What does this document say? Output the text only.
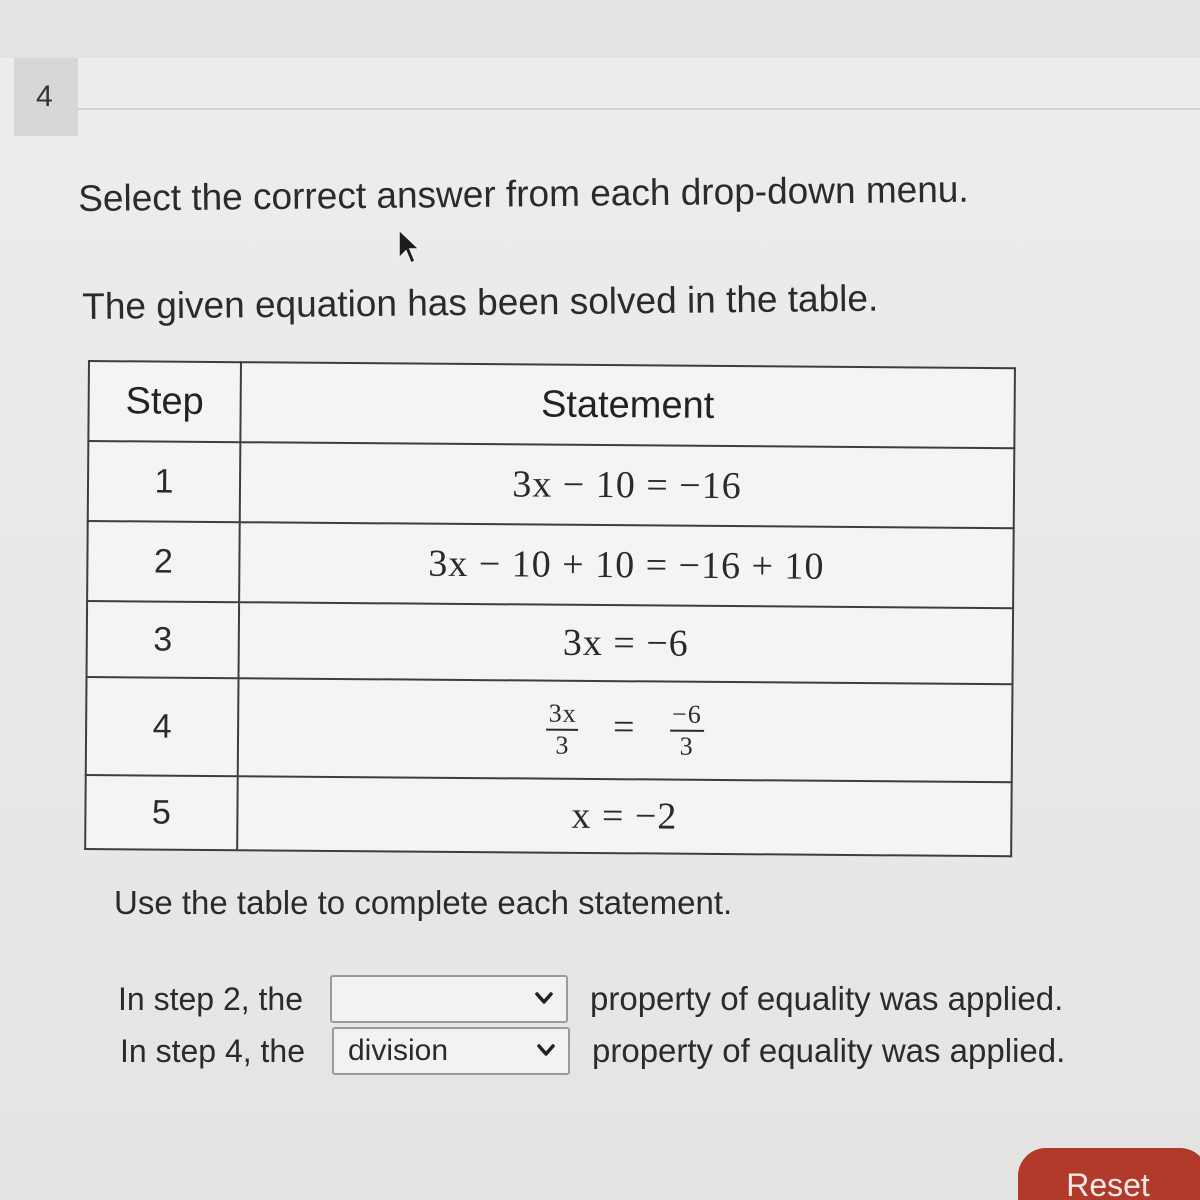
4
Select the correct answer from each drop-down menu.
The given equation has been solved in the table.
Step	Statement
1	3x − 10 = −16
2	3x − 10 + 10 = −16 + 10
3	3x = −6
4	$\frac{3x}{3} = \frac{-6}{3}$

5	x = −2
Use the table to complete each statement.
In step 2, the	property of equality was applied.
In step 4, the	division	property of equality was applied.
Reset
